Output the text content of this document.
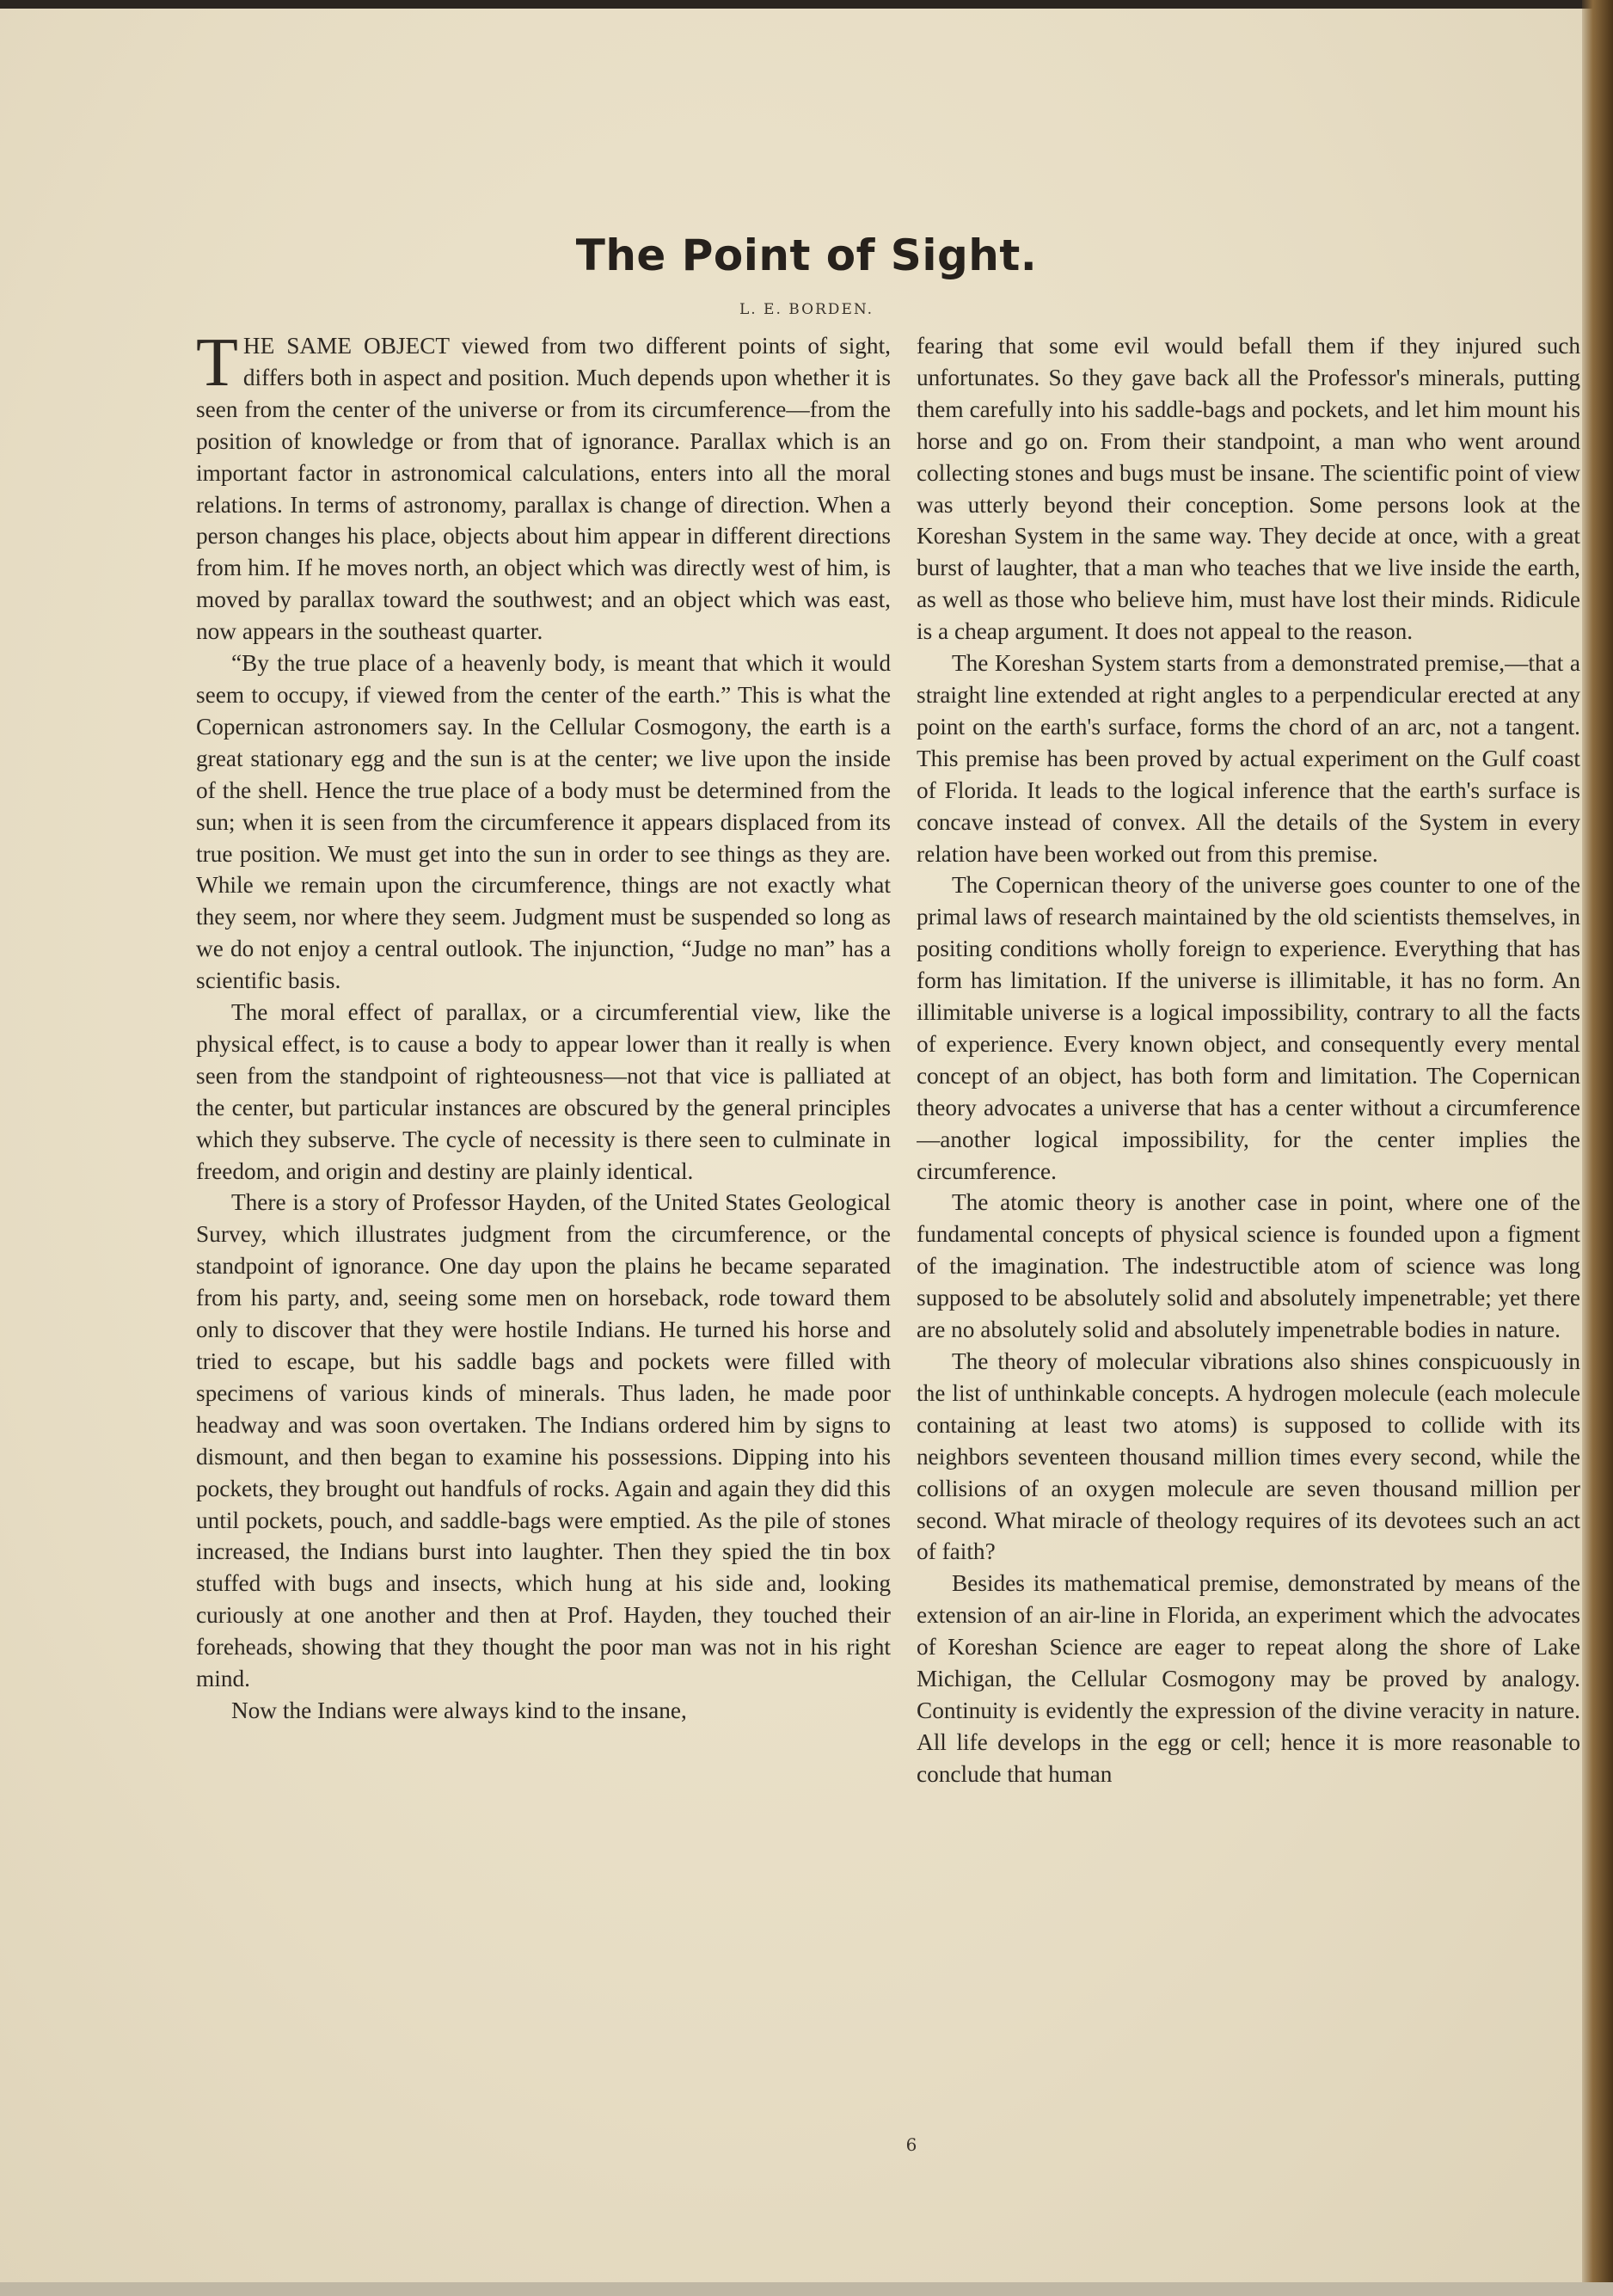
The Point of Sight.
L. E. BORDEN.

THE SAME OBJECT viewed from two different points of sight, differs both in aspect and position. Much depends upon whether it is seen from the center of the universe or from its circumference—from the position of knowledge or from that of ignorance. Parallax which is an important factor in astronomical calculations, enters into all the moral relations. In terms of astronomy, parallax is change of direction. When a person changes his place, objects about him appear in different directions from him. If he moves north, an object which was directly west of him, is moved by parallax toward the southwest; and an object which was east, now appears in the southeast quarter.

“By the true place of a heavenly body, is meant that which it would seem to occupy, if viewed from the center of the earth.” This is what the Copernican astronomers say. In the Cellular Cosmogony, the earth is a great stationary egg and the sun is at the center; we live upon the inside of the shell. Hence the true place of a body must be determined from the sun; when it is seen from the circumference it appears displaced from its true position. We must get into the sun in order to see things as they are. While we remain upon the circumference, things are not exactly what they seem, nor where they seem. Judgment must be suspended so long as we do not enjoy a central outlook. The injunction, “Judge no man” has a scientific basis.

The moral effect of parallax, or a circumferential view, like the physical effect, is to cause a body to appear lower than it really is when seen from the standpoint of righteousness—not that vice is palliated at the center, but particular instances are obscured by the general principles which they subserve. The cycle of necessity is there seen to culminate in freedom, and origin and destiny are plainly identical.

There is a story of Professor Hayden, of the United States Geological Survey, which illustrates judgment from the circumference, or the standpoint of ignorance. One day upon the plains he became separated from his party, and, seeing some men on horseback, rode toward them only to discover that they were hostile Indians. He turned his horse and tried to escape, but his saddle bags and pockets were filled with specimens of various kinds of minerals. Thus laden, he made poor headway and was soon overtaken. The Indians ordered him by signs to dismount, and then began to examine his possessions. Dipping into his pockets, they brought out handfuls of rocks. Again and again they did this until pockets, pouch, and saddle-bags were emptied. As the pile of stones increased, the Indians burst into laughter. Then they spied the tin box stuffed with bugs and insects, which hung at his side and, looking curiously at one another and then at Prof. Hayden, they touched their foreheads, showing that they thought the poor man was not in his right mind.

Now the Indians were always kind to the insane,

fearing that some evil would befall them if they injured such unfortunates. So they gave back all the Professor's minerals, putting them carefully into his saddle-bags and pockets, and let him mount his horse and go on. From their standpoint, a man who went around collecting stones and bugs must be insane. The scientific point of view was utterly beyond their conception. Some persons look at the Koreshan System in the same way. They decide at once, with a great burst of laughter, that a man who teaches that we live inside the earth, as well as those who believe him, must have lost their minds. Ridicule is a cheap argument. It does not appeal to the reason.

The Koreshan System starts from a demonstrated premise,—that a straight line extended at right angles to a perpendicular erected at any point on the earth's surface, forms the chord of an arc, not a tangent. This premise has been proved by actual experiment on the Gulf coast of Florida. It leads to the logical inference that the earth's surface is concave instead of convex. All the details of the System in every relation have been worked out from this premise.

The Copernican theory of the universe goes counter to one of the primal laws of research maintained by the old scientists themselves, in positing conditions wholly foreign to experience. Everything that has form has limitation. If the universe is illimitable, it has no form. An illimitable universe is a logical impossibility, contrary to all the facts of experience. Every known object, and consequently every mental concept of an object, has both form and limitation. The Copernican theory advocates a universe that has a center without a circumference—another logical impossibility, for the center implies the circumference.

The atomic theory is another case in point, where one of the fundamental concepts of physical science is founded upon a figment of the imagination. The indestructible atom of science was long supposed to be absolutely solid and absolutely impenetrable; yet there are no absolutely solid and absolutely impenetrable bodies in nature.

The theory of molecular vibrations also shines conspicuously in the list of unthinkable concepts. A hydrogen molecule (each molecule containing at least two atoms) is supposed to collide with its neighbors seventeen thousand million times every second, while the collisions of an oxygen molecule are seven thousand million per second. What miracle of theology requires of its devotees such an act of faith?

Besides its mathematical premise, demonstrated by means of the extension of an air-line in Florida, an experiment which the advocates of Koreshan Science are eager to repeat along the shore of Lake Michigan, the Cellular Cosmogony may be proved by analogy. Continuity is evidently the expression of the divine veracity in nature. All life develops in the egg or cell; hence it is more reasonable to conclude that human

6
